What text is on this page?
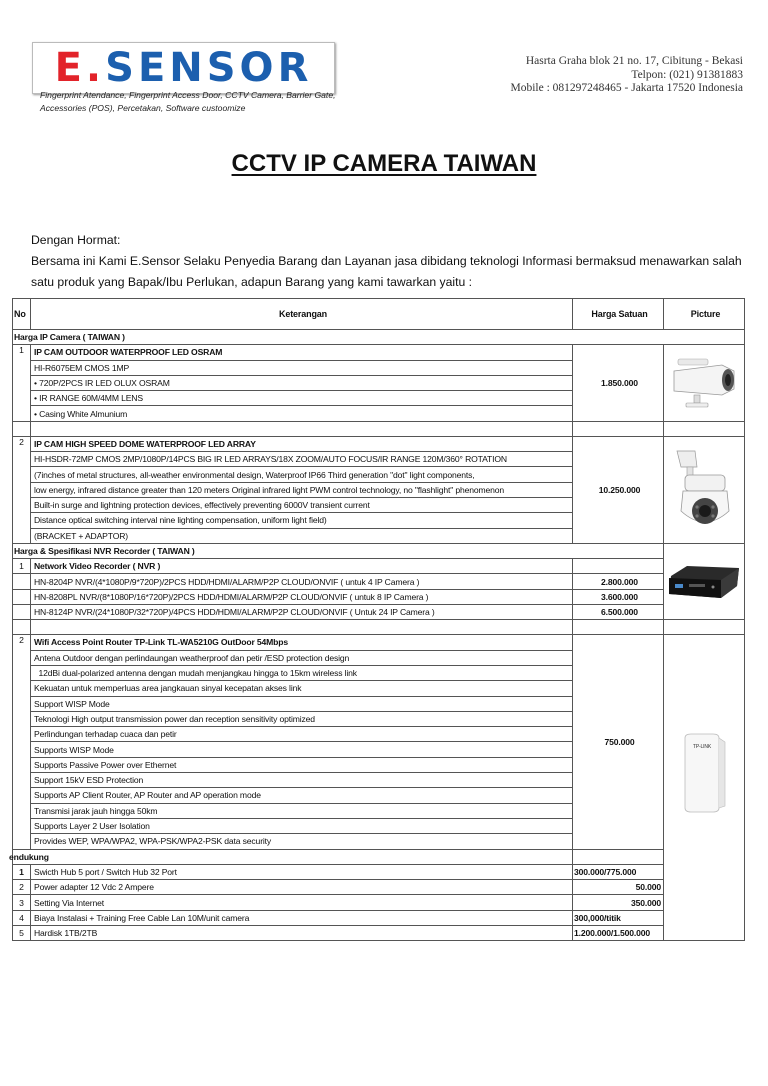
E.SENSOR
Fingerprint Atendance, Fingerprint Access Door, CCTV Camera, Barrier Gate, Accessories (POS), Percetakan, Software custoomize
Hasrta Graha blok 21 no. 17, Cibitung - Bekasi
Telpon: (021) 91381883
Mobile : 081297248465 - Jakarta 17520 Indonesia
CCTV IP CAMERA TAIWAN
Dengan Hormat:
Bersama ini Kami E.Sensor Selaku Penyedia Barang dan Layanan jasa dibidang teknologi Informasi bermaksud menawarkan salah satu produk yang Bapak/Ibu Perlukan, adapun Barang yang kami tawarkan yaitu :
No	Keterangan	Harga Satuan	Picture
Harga IP Camera ( TAIWAN )			
1	IP CAM OUTDOOR WATERPROOF LED OSRAM	1.850.000	

	HI-R6075EM CMOS 1MP		
	• 720P/2PCS IR LED OLUX OSRAM		
	• IR RANGE 60M/4MM LENS		
	• Casing White Almunium		

2	IP CAM HIGH SPEED DOME WATERPROOF LED ARRAY	10.250.000	

	HI-HSDR-72MP CMOS 2MP/1080P/14PCS BIG IR LED ARRAYS/18X ZOOM/AUTO FOCUS/IR RANGE 120M/360° ROTATION		
	(7inches of metal structures, all-weather environmental design, Waterproof IP66 Third generation "dot" light components,		
	low energy, infrared distance greater than 120 meters Original infrared light PWM control technology, no "flashlight" phenomenon		
	Built-in surge and lightning protection devices, effectively preventing 6000V transient current		
	Distance optical switching interval nine lighting compensation, uniform light field)		
	(BRACKET + ADAPTOR)		
Harga & Spesifikasi NVR Recorder ( TAIWAN )	

1	Network Video Recorder ( NVR )		
	HN-8204P NVR/(4*1080P/9*720P)/2PCS HDD/HDMI/ALARM/P2P CLOUD/ONVIF ( untuk 4 IP Camera )	2.800.000	
	HN-8208PL NVR/(8*1080P/16*720P)/2PCS HDD/HDMI/ALARM/P2P CLOUD/ONVIF ( untuk 8 IP Camera )	3.600.000	
	HN-8124P NVR/(24*1080P/32*720P)/4PCS HDD/HDMI/ALARM/P2P CLOUD/ONVIF ( Untuk 24 IP Camera )	6.500.000	

2	Wifi Access Point Router TP-Link TL-WA5210G OutDoor 54Mbps	750.000	TP-LINK

	Antena Outdoor dengan perlindaungan weatherproof dan petir /ESD protection design		
	12dBi dual-polarized antenna dengan mudah menjangkau hingga to 15km wireless link		
	Kekuatan untuk memperluas area jangkauan sinyal kecepatan akses link		
	Support WISP Mode		
	Teknologi High output transmission power dan reception sensitivity optimized		
	Perlindungan terhadap cuaca dan petir		
	Supports WISP Mode		
	Supports Passive Power over Ethernet		
	Support 15kV ESD Protection		
	Supports AP Client Router, AP Router and AP operation mode		
	Transmisi jarak jauh hingga 50km		
	Supports Layer 2 User Isolation		
	Provides WEP, WPA/WPA2, WPA-PSK/WPA2-PSK data security		
endukung			
1	Swicth Hub 5 port / Switch Hub 32 Port	300.000/775.000	
2	Power adapter 12 Vdc 2 Ampere	50.000	
3	Setting Via Internet	350.000	
4	Biaya Instalasi + Training Free Cable Lan 10M/unit camera	300,000/titik	
5	Hardisk 1TB/2TB	1.200.000/1.500.000	
